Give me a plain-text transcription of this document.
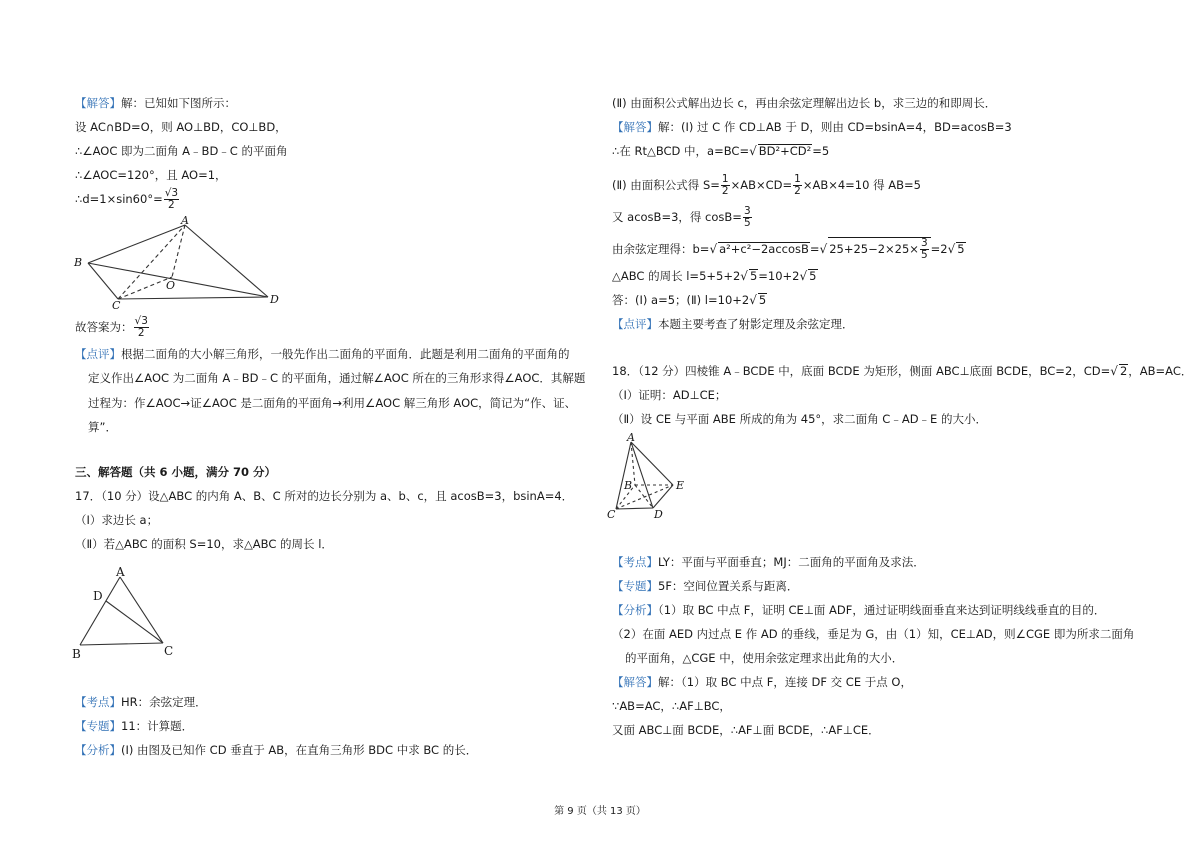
【解答】解：已知如下图所示：
设 AC∩BD=O，则 AO⊥BD，CO⊥BD，
∴∠AOC 即为二面角 A﹣BD﹣C 的平面角
∴∠AOC=120°，且 AO=1，
∴d=1×sin60°= $\frac{√3}{2}$
A
B
O
C	D
故答案为： $\frac{√3}{2}$
【点评】根据二面角的大小解三角形，一般先作出二面角的平面角．此题是利用二面角的平面角的
定义作出∠AOC 为二面角 A﹣BD﹣C 的平面角，通过解∠AOC 所在的三角形求得∠AOC．其解题
过程为：作∠AOC→证∠AOC 是二面角的平面角→利用∠AOC 解三角形 AOC，简记为“作、证、
算”．
三、解答题（共 6 小题，满分 70 分）
17．（10 分）设△ABC 的内角 A、B、C 所对的边长分别为 a、b、c，且 acosB=3，bsinA=4．
（Ⅰ）求边长 a；
（Ⅱ）若△ABC 的面积 S=10，求△ABC 的周长 l．
A
D
B	C
【考点】HR：余弦定理．
【专题】11：计算题．
【分析】(Ⅰ) 由图及已知作 CD 垂直于 AB，在直角三角形 BDC 中求 BC 的长．
(Ⅱ) 由面积公式解出边长 c，再由余弦定理解出边长 b，求三边的和即周长．
【解答】解：(Ⅰ) 过 C 作 CD⊥AB 于 D，则由 CD=bsinA=4，BD=acosB=3
∴在 Rt△BCD 中，a=BC=√ BD²+CD²=5
(Ⅱ) 由面积公式得 $S= \frac{1}{2} \times AB\times CD= \frac{1}{2} \times AB\times 4=10$ 得 AB=5
又 acosB=3，得 $\cos B= \frac{3}{5}$
由余弦定理得：b=√ a²+c²−2accosB=√ $25+25-2\times 25\times \frac{3}{5} =2√$ 5
△ABC 的周长 l=5+5+2√ 5=10+2√ 5
答：(Ⅰ) a=5；(Ⅱ) l=10+2√ 5
【点评】本题主要考查了射影定理及余弦定理．
18．（12 分）四棱锥 A﹣BCDE 中，底面 BCDE 为矩形，侧面 ABC⊥底面 BCDE，BC=2，CD=√ 2，AB=AC．
（Ⅰ）证明：AD⊥CE；
（Ⅱ）设 CE 与平面 ABE 所成的角为 45°，求二面角 C﹣AD﹣E 的大小．
A
B	E
C	D
【考点】LY：平面与平面垂直；MJ：二面角的平面角及求法．
【专题】5F：空间位置关系与距离．
【分析】（1）取 BC 中点 F，证明 CE⊥面 ADF，通过证明线面垂直来达到证明线线垂直的目的．
（2）在面 AED 内过点 E 作 AD 的垂线，垂足为 G，由（1）知，CE⊥AD，则∠CGE 即为所求二面角
的平面角，△CGE 中，使用余弦定理求出此角的大小．
【解答】解：（1）取 BC 中点 F，连接 DF 交 CE 于点 O，
∵AB=AC，∴AF⊥BC，
又面 ABC⊥面 BCDE，∴AF⊥面 BCDE，∴AF⊥CE．
第 9 页（共 13 页）
